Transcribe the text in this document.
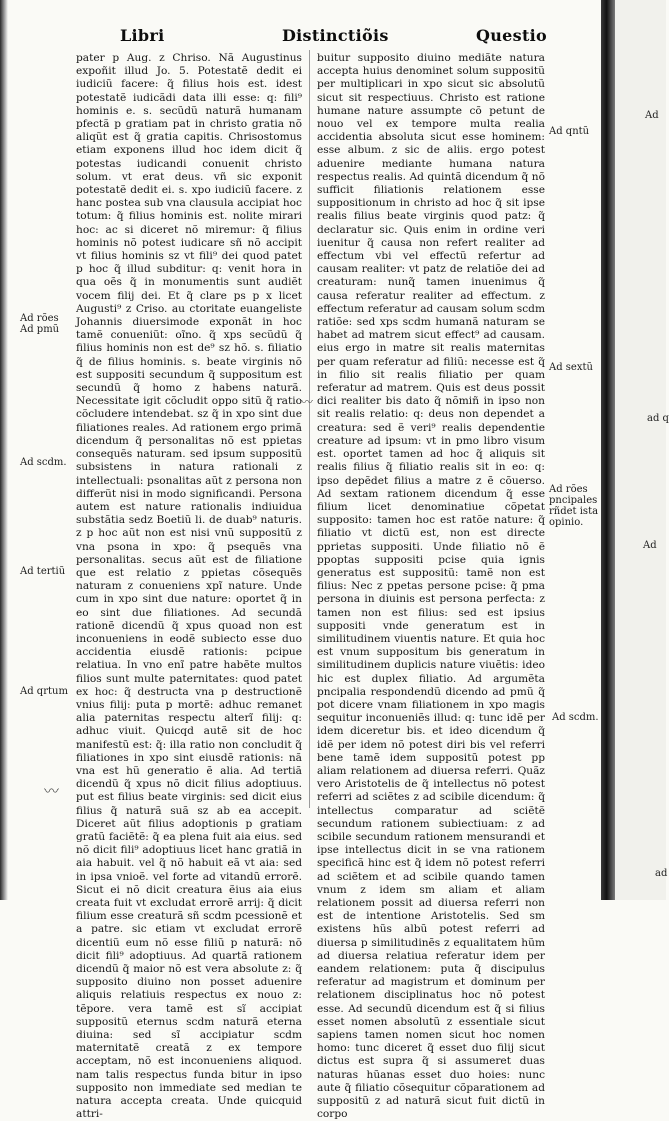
Libri	Distinctiõis	Questio
pater p Aug. z Chriso. Nã Augustinus expoñit illud Jo. 5. Potestatẽ dedit ei iudiciũ facere: q̃ filius hois est. idest potestatẽ iudicãdi data illi esse: q: fili⁹ hominis e. s. secũdũ naturã humanam pfectã p gratiam pat in christo gratia nõ aliqũt est q̃ gratia capitis. Chrisostomus etiam exponens illud hoc idem dicit q̃ potestas iudicandi conuenit christo solum. vt erat deus. vñ sic exponit potestatẽ dedit ei. s. xpo iudiciũ facere. z hanc postea sub vna clausula accipiat hoc totum: q̃ filius hominis est. nolite mirari hoc: ac si diceret nõ miremur: q̃ filius hominis nõ potest iudicare sñ nõ accipit vt filius hominis sz vt fili⁹ dei quod patet p hoc q̃ illud subditur: q: venit hora in qua oẽs q̃ in monumentis sunt audiẽt vocem filij dei. Et q̃ clare ps p x licet Augusti⁹ z Criso. au ctoritate euangeliste Johannis diuersimode exponãt in hoc tamẽ conueniũt: oĩno. q̃ xps secũdũ q̃ filius hominis non est de⁹ sz hõ. s. filiatio q̃ de filius hominis. s. beate virginis nõ est suppositi secundum q̃ suppositum est secundũ q̃ homo z habens naturã. Necessitate igit cõcludit oppo sitũ q̃ ratio cõcludere intendebat. sz q̃ in xpo sint due filiationes reales. Ad rationem ergo primã dicendum q̃ personalitas nõ est ppietas consequẽs naturam. sed ipsum suppositũ subsistens in natura rationali z intellectuali: psonalitas aũt z persona non differũt nisi in modo significandi. Persona autem est nature rationalis indiuidua substãtia sedz Boetiũ li. de duab⁹ naturis. z p hoc aũt non est nisi vnũ suppositũ z vna psona in xpo: q̃ psequẽs vna personalitas. secus aũt est de filiatione que est relatio z ppietas cõsequẽs naturam z conueniens xpĩ nature. Unde cum in xpo sint due nature: oportet q̃ in eo sint due filiationes. Ad secundã rationẽ dicendũ q̃ xpus quoad non est inconueniens in eodẽ subiecto esse duo accidentia eiusdẽ rationis: pcipue relatiua. In vno enĩ patre habẽte multos filios sunt multe paternitates: quod patet ex hoc: q̃ destructa vna p destructionẽ vnius filij: puta p mortẽ: adhuc remanet alia paternitas respectu alterĩ filij: q: adhuc viuit. Quicqd autẽ sit de hoc manifestũ est: q̃: illa ratio non concludit q̃ filiationes in xpo sint eiusdẽ rationis: nã vna est hũ generatio ẽ alia. Ad tertiã dicendũ q̃ xpus nõ dicit filius adoptiuus. put est filius beate virginis: sed dicit eius filius q̃ naturã suã sz ab ea accepit. Diceret aũt filius adoptionis p gratiam gratũ faciẽtẽ: q̃ ea plena fuit aia eius. sed nõ dicit fili⁹ adoptiuus licet hanc gratiã in aia habuit. vel q̃ nõ habuit eã vt aia: sed in ipsa vnioẽ. vel forte ad vitandũ errorẽ. Sicut ei nõ dicit creatura ẽius aia eius creata fuit vt excludat errorẽ arrij: q̃ dicit filium esse creaturã sñ scdm pcessionẽ et a patre. sic etiam vt excludat errorẽ dicentiũ eum nõ esse filiũ p naturã: nõ dicit fili⁹ adoptiuus. Ad quartã rationem dicendũ q̃ maior nõ est vera absolute z: q̃ supposito diuino non posset aduenire aliquis relatiuis respectus ex nouo z: tẽpore. vera tamẽ est sĩ accipiat suppositũ eternus scdm naturã eterna diuina: sed sĩ accipiatur scdm maternitatẽ creatã z ex tempore acceptam, nõ est inconueniens aliquod. nam talis respectus funda bitur in ipso supposito non immediate sed median te natura accepta creata. Unde quicquid attri-
buitur supposito diuino mediãte natura accepta huius denominet solum suppositũ per multiplicari in xpo sicut sic absolutũ sicut sit respectiuus. Christo est ratione humane nature assumpte cõ petunt de nouo vel ex tempore multa realia accidentia absoluta sicut esse hominem: esse album. z sic de aliis. ergo potest aduenire mediante humana natura respectus realis. Ad quintã dicendum q̃ nõ sufficit filiationis relationem esse suppositionum in christo ad hoc q̃ sit ipse realis filius beate virginis quod patz: q̃ declaratur sic. Quis enim in ordine veri iuenitur q̃ causa non refert realiter ad effectum vbi vel effectũ refertur ad causam realiter: vt patz de relatiõe dei ad creaturam: nunq̃ tamen inuenimus q̃ causa referatur realiter ad effectum. z effectum referatur ad causam solum scdm ratiõe: sed xps scdm humanã naturam se habet ad matrem sicut effect⁹ ad causam. eius ergo in matre sit realis maternitas per quam referatur ad filiũ: necesse est q̃ in filio sit realis filiatio per quam referatur ad matrem. Quis est deus possit dici realiter bis dato q̃ nõmiñ in ipso non sit realis relatio: q: deus non dependet a creatura: sed ẽ veri⁹ realis dependentie creature ad ipsum: vt in pmo libro visum est. oportet tamen ad hoc q̃ aliquis sit realis filius q̃ filiatio realis sit in eo: q: ipso depẽdet filius a matre z ẽ cõuerso. Ad sextam rationem dicendum q̃ esse filium licet denominatiue cõpetat supposito: tamen hoc est ratõe nature: q̃ filiatio vt dictũ est, non est directe pprietas suppositi. Unde filiatio nõ ẽ ppoptas suppositi pcise quia ignis generatus est suppositũ: tamẽ non est filius: Nec z ppetas persone pcise: q̃ pma persona in diuinis est persona perfecta: z tamen non est filius: sed est ipsius suppositi vnde generatum est in similitudinem viuentis nature. Et quia hoc est vnum suppositum bis generatum in similitudinem duplicis nature viuẽtis: ideo hic est duplex filiatio. Ad argumẽta pncipalia respondendũ dicendo ad pmũ q̃ pot dicere vnam filiationem in xpo magis sequitur inconueniẽs illud: q: tunc idẽ per idem diceretur bis. et ideo dicendum q̃ idẽ per idem nõ potest diri bis vel referri bene tamẽ idem suppositũ potest pp aliam relationem ad diuersa referri. Quãz vero Aristotelis de q̃ intellectus nõ potest referri ad sciẽtes z ad scibile dicendum: q̃ intellectus comparatur ad sciẽtẽ secundum rationem subiectiuam: z ad scibile secundum rationem mensurandi et ipse intellectus dicit in se vna rationem specificã hinc est q̃ idem nõ potest referri ad sciẽtem et ad scibile quando tamen vnum z idem sm aliam et aliam relationem possit ad diuersa referri non est de intentione Aristotelis. Sed sm existens hũs albũ potest referri ad diuersa p similitudinẽs z equalitatem hũm ad diuersa relatiua referatur idem per eandem relationem: puta q̃ discipulus referatur ad magistrum et dominum per relationem disciplinatus hoc nõ potest esse. Ad secundũ dicendum est q̃ si filius esset nomen absolutũ z essentiale sicut sapiens tamen nomen sicut hoc nomen homo: tunc diceret q̃ esset duo filij sicut dictus est supra q̃ si assumeret duas naturas hũanas esset duo hoies: nunc aute q̃ filiatio cõsequitur cõparationem ad suppositũ z ad naturã sicut fuit dictũ in corpo
Ad qntũ
Ad rões
Ad pmũ
Ad sextũ
Ad rões pncipales rñdet ista opinio.
Ad scdm.
Ad tertiũ
Ad qrtum
Ad scdm.
〰
〰
Ad
ad q
Ad
ad
